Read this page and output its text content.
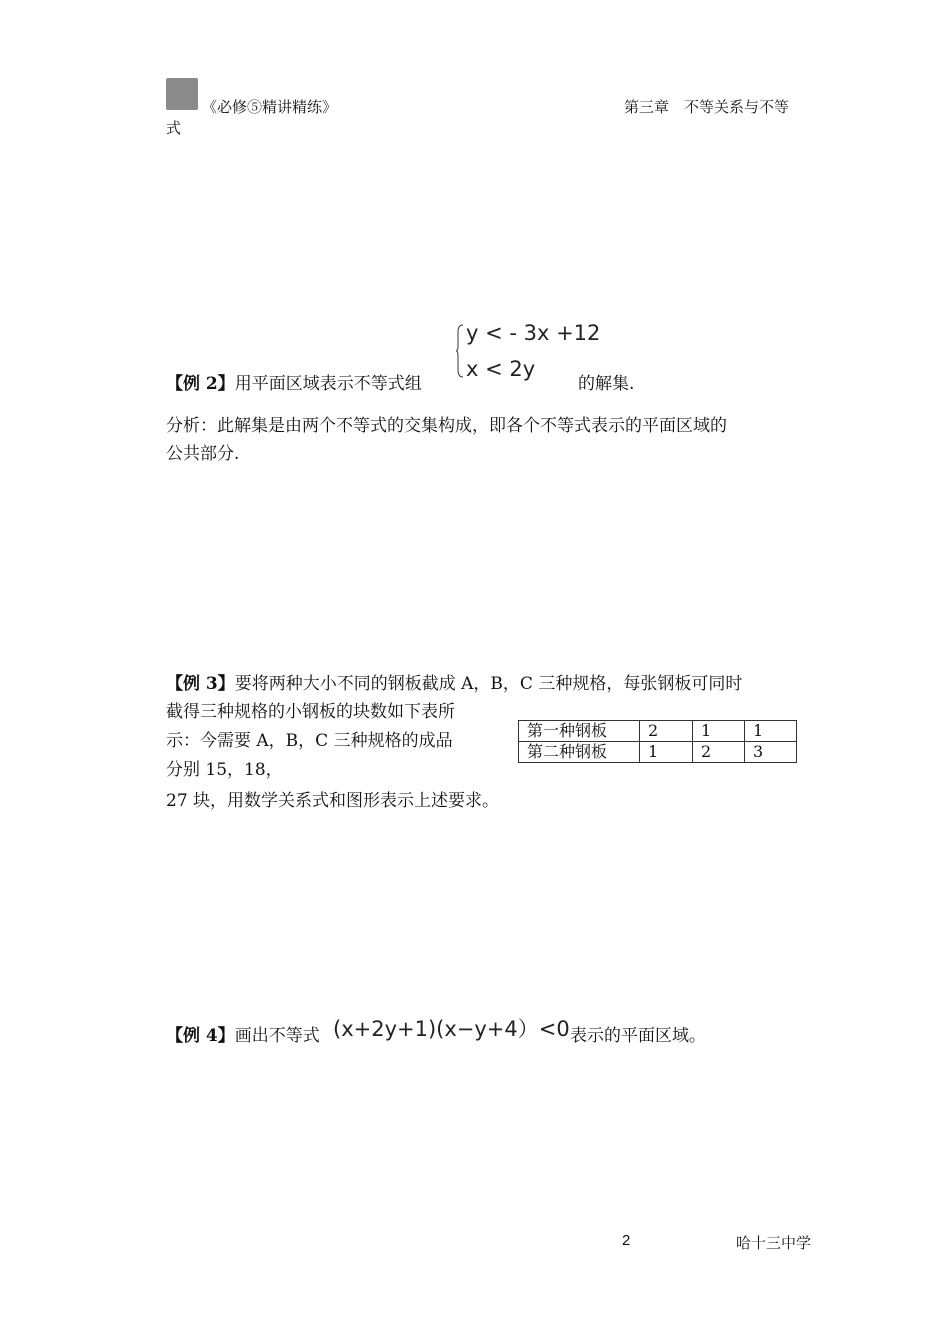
《必修⑤精讲精练》	第三章　不等关系与不等
式
y < - 3x +12
x < 2y
【例 2】用平面区域表示不等式组	的解集.
分析：此解集是由两个不等式的交集构成，即各个不等式表示的平面区域的
公共部分.
【例 3】要将两种大小不同的钢板截成 A，B，C 三种规格，每张钢板可同时
截得三种规格的小钢板的块数如下表所
示：今需要 A，B，C 三种规格的成品
分别 15，18，
27 块，用数学关系式和图形表示上述要求。
第一种钢板	2	1	1
第二种钢板	1	2	3
【例 4】画出不等式 (x+2y+1)(x−y+4）<0 表示的平面区域。
2	哈十三中学
